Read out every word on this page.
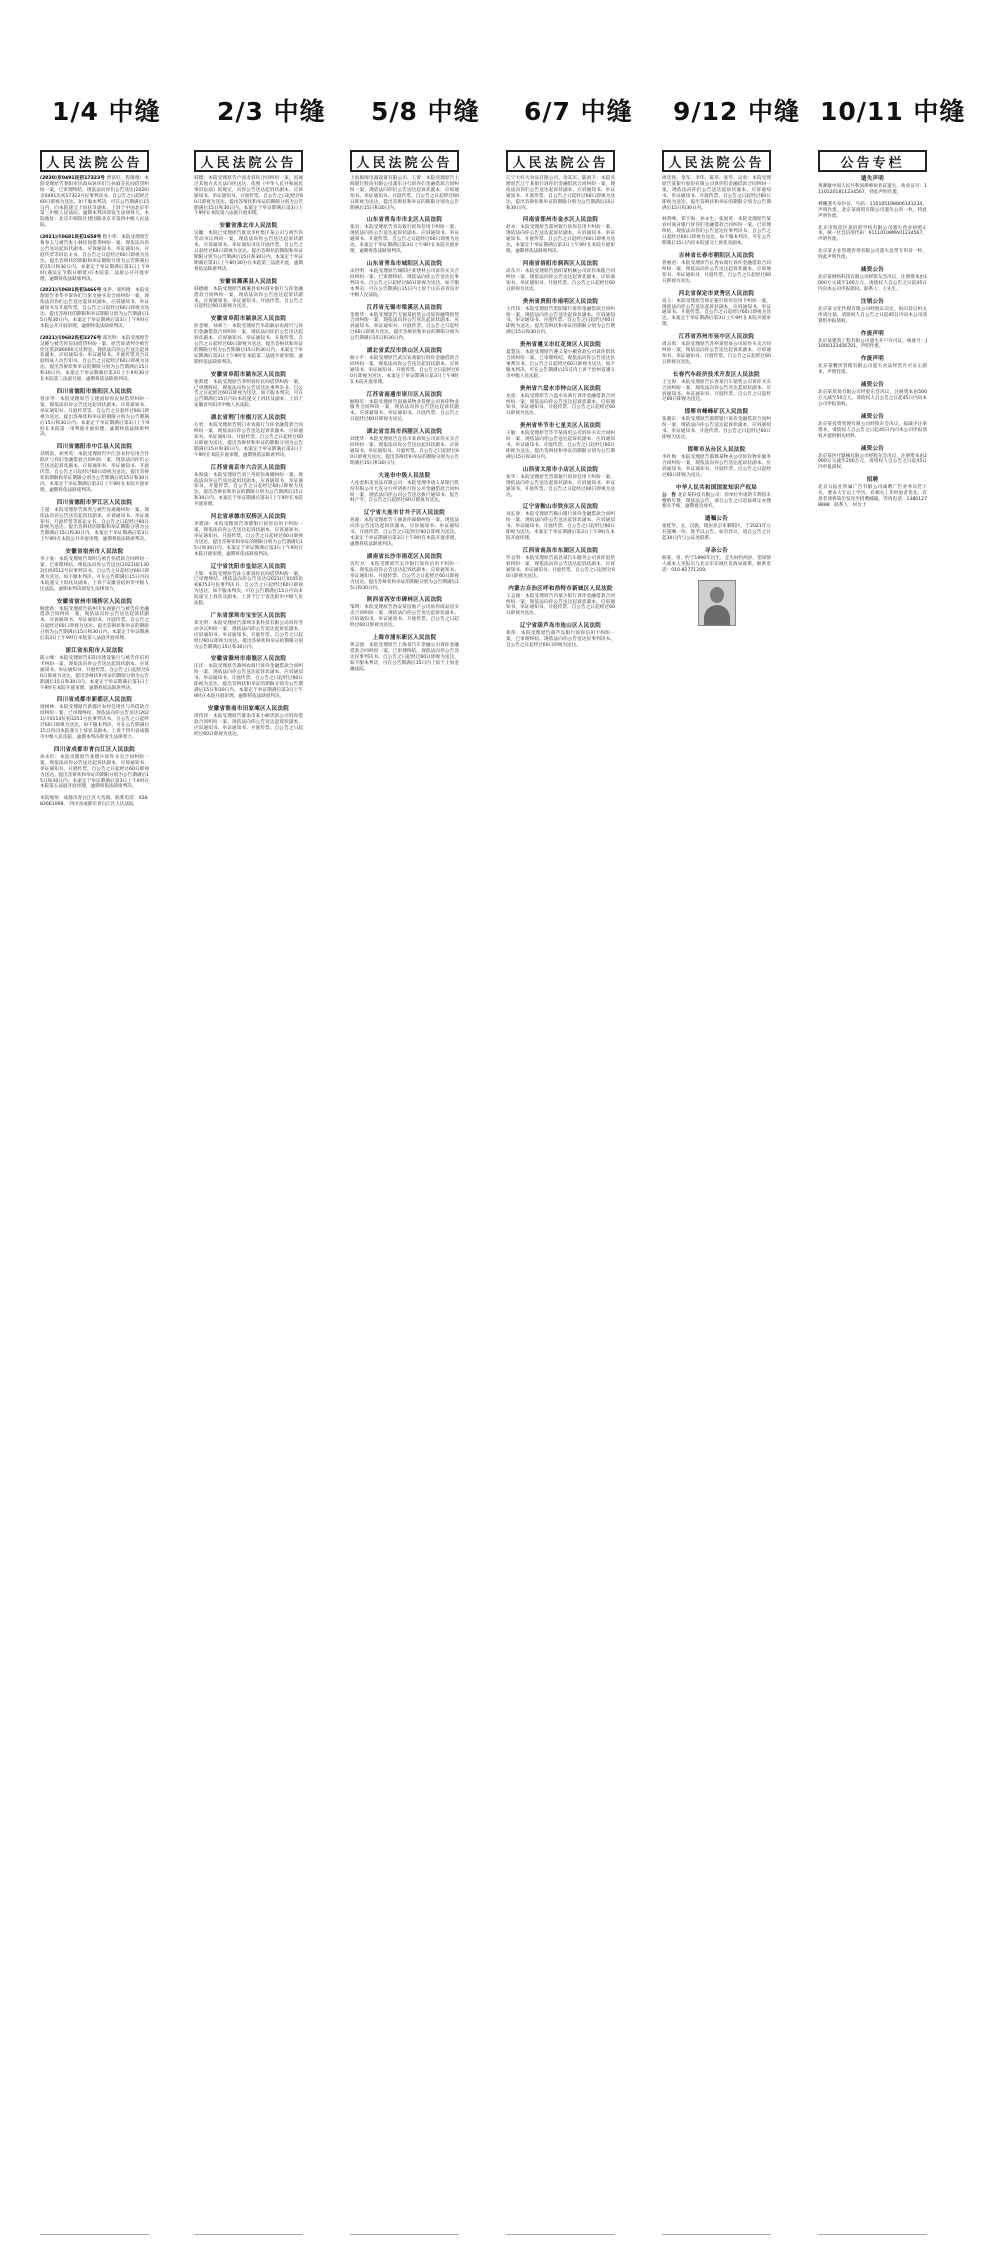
1/4 中缝 2/3 中缝 5/8 中缝 6/7 中缝 9/12 中缝 10/11 中缝
人民法院公告
(2020)京0491民初17323号 贾富旺、程敏德：本院受理原告春阳市民政局诉你们与孙淑芬民间借贷纠纷一案，已审理终结。现依法向你们公告送达(2020)京0491民初17323号民事判决书。自公告之日起经过60日即视为送达。如不服本判决，可在公告期满后15日内，向本院递交上诉状及副本，上诉于中国北京市第三中级人民法院。逾期本判决即发生法律效力。本院地址：北京市朝阳区建国路北京市第四中级人民法院。
(2021)川0681民初1658号 程小伟：本院受理原告鲁春玉与被告张小林民间借贷纠纷一案，现依法向你公告送达起诉状副本、应诉通知书、举证通知书、开庭传票等诉讼文书。自公告之日起经过60日即视为送达。提出答辩状的期限和举证期限分别为公告期满后的15日和30日内。本案定于举证期满后第3日上午9时(遇法定节假日顺延)在本院第二法庭公开开庭审理，逾期将依法缺席判决。
(2021)川0681民初3466号 张洪、张明德：本院受理原告李华平诉你们与张文丽买卖合同纠纷一案，现依法向你们公告送达起诉状副本、应诉通知书、举证通知书及开庭传票。自公告之日起经过60日即视为送达。提出答辩状的期限和举证期限分别为公告期满后15日和30日内。本案定于举证期满后第3日上午9时在本院公开开庭审理。逾期将依法缺席判决。
(2021)川0682民初3276号 郑光明：本院受理原告吴静与被告你民间借贷纠纷一案，原告诉请判令被告偿还借款80000元及利息。现依法向你公告送达起诉状副本、应诉通知书、举证通知书、开庭传票及合议庭组成人员告知书。自公告之日起经过60日即视为送达。提出答辩状和举证的期限分别为公告期满后15日和30日内。本案定于举证期满后第3日上午9时30分在本院第三法庭开庭，逾期将依法缺席判决。
四川省德阳市旌阳区人民法院
曾泽琴：本院受理原告王建国诉你民间借贷纠纷一案，现依法向你公告送达起诉状副本、应诉通知书、举证通知书、开庭传票等。自公告之日起经过60日即视为送达，提出答辩状和举证的期限分别为公告期满后15日和30日内。本案定于举证期满后第3日上午9时在本院第一审判庭开庭审理，逾期将依法缺席判决。
四川省德阳市中江县人民法院
刘明富、胡秀英：本院受理原告中江县农村信用合作联社与你们金融借款合同纠纷一案，现依法向你们公告送达起诉状副本、应诉通知书、举证通知书、开庭传票。自公告之日起经过60日即视为送达。提出答辩状的期限和举证期限分别为公告期满后的15日和30日内。本案定于举证期满后第3日上午9时在本院开庭审理，逾期将依法缺席判决。
四川省德阳市罗江区人民法院
王超：本院受理原告郑英与被告你离婚纠纷一案，现依法向你公告送达起诉状副本、应诉通知书、举证通知书、开庭传票等诉讼文书。自公告之日起经过60日即视为送达。提出答辩状的期限和举证期限分别为公告期满后15日和30日内。本案定于举证期满后第3日上午9时在本院公开开庭审理，逾期将依法缺席判决。
安徽省宿州市人民法院
李子豪：本院受理原告周明与被告你借款合同纠纷一案，已审理终结。现依法向你公告送达(2021)皖1302民初4512号民事判决书。自公告之日起经过60日即视为送达。如不服本判决，可在公告期满后15日内向本院递交上诉状及副本，上诉于安徽省宿州市中级人民法院。逾期本判决即发生法律效力。
安徽省宿州市埇桥区人民法院
顾建新：本院受理原告宿州市农商银行与被告你金融借款合同纠纷一案，现依法向你公告送达起诉状副本、应诉通知书、举证通知书、开庭传票。自公告之日起经过60日即视为送达。提出答辩状和举证的期限分别为公告期满后15日和30日内。本案定于举证期满后第3日上午9时在本院第八法庭开庭审理。
浙江省东阳市人民法院
陈立峰：本院受理原告东阳市建设银行与被告你信用卡纠纷一案，现依法向你公告送达起诉状副本、应诉通知书、举证通知书、开庭传票。自公告之日起经过60日即视为送达。提出答辩状和举证的期限分别为公告期满后15日和30日内。本案定于举证期满后第3日上午9时在本院开庭审理，逾期将依法缺席判决。
四川省成都市新都区人民法院
周树林：本院受理原告新都区农村信用社与你借款合同纠纷一案，已审理终结，现依法向你公告送达(2021)川0114民初3251号民事判决书，自公告之日起经过60日即视为送达。如不服本判决，可在公告期满后15日内向本院递交上诉状及副本，上诉于四川省成都市中级人民法院。逾期本判决即发生法律效力。
四川省成都市青白江区人民法院
孙永红：本院受理原告张德兵诉你买卖合同纠纷一案，现依法向你公告送达起诉状副本、应诉通知书、举证通知书、开庭传票。自公告之日起经过60日即视为送达。提出答辩状和举证的期限分别为公告期满后15日和30日内。本案定于举证期满后第3日上午9时在本院第五法庭开庭审理，逾期将依法缺席判决。
本院地址：成都市青白江区大弯镇。联系电话：028-83661098。 四川省成都市青白江区人民法院
人民法院公告
韩德：本院受理原告卢国龙诉你合同纠纷一案，因通过其他方式无法向你送达，依照《中华人民共和国民事诉讼法》的规定，向你公告送达起诉状副本、应诉通知书、举证通知书、开庭传票。自公告之日起经过60日即视为送达。提出答辩状和举证的期限分别为公告期满后15日和30日内。本案定于举证期满后第3日上午9时在本院第六法庭开庭审理。
安徽省淮北市人民法院
吴鹏：本院已受理原告淮北市杜集区某公司与被告你劳动争议纠纷一案，现依法向你公告送达起诉状副本、应诉通知书、举证通知书及开庭传票。自公告之日起经过60日即视为送达。提出答辩状的期限和举证期限分别为公告期满后15日和30日内。本案定于举证期满后第3日上午8时30分在本院第三法庭开庭，逾期将依法缺席判决。
安徽省濉溪县人民法院
韩德刚：本院受理原告濉溪县农村商业银行与你金融借款合同纠纷一案，现依法向你公告送达起诉状副本、应诉通知书、举证通知书、开庭传票。自公告之日起经过60日即视为送达。
安徽省阜阳市颍泉区人民法院
彭金刚、刘翠兰：本院受理原告阜阳颍泉农商行与你们金融借款合同纠纷一案，现依法向你们公告送达起诉状副本、应诉通知书、举证通知书、开庭传票。自公告之日起经过60日即视为送达。提出答辩状和举证的期限分别为公告期满后15日和30日内。本案定于举证期满后第3日上午9时在本院第二法庭开庭审理，逾期将依法缺席判决。
安徽省阜阳市颍东区人民法院
张新建：本院受理原告李明诉你民间借贷纠纷一案，已审理终结。现依法向你公告送达民事判决书。自公告之日起经过60日即视为送达。如不服本判决，可在公告期满后15日内向本院递交上诉状及副本，上诉于安徽省阜阳市中级人民法院。
湖北省荆门市掇刀区人民法院
万勇：本院受理原告荆门市农商行与你金融借款合同纠纷一案，现依法向你公告送达起诉状副本、应诉通知书、举证通知书、开庭传票。自公告之日起经过60日即视为送达。提出答辩状和举证的期限分别为公告期满后15日和30日内。本案定于举证期满后第3日上午9时在本院开庭审理，逾期将依法缺席判决。
江苏省南京市六合区人民法院
朱海波：本院受理原告刘兰英诉你离婚纠纷一案，现依法向你公告送达起诉状副本、应诉通知书、举证通知书、开庭传票。自公告之日起经过60日即视为送达。提出答辩状和举证的期限分别为公告期满后15日和30日内。本案定于举证期满后第3日上午9时在本院开庭审理。
河北省承德市双桥区人民法院
李建国：本院受理原告承德银行诉你信用卡纠纷一案，现依法向你公告送达起诉状副本、应诉通知书、举证通知书、开庭传票。自公告之日起经过60日即视为送达。提出答辩状和举证的期限分别为公告期满后15日和30日内。本案定于举证期满后第3日上午9时在本院开庭审理，逾期将依法缺席判决。
辽宁省沈阳市皇姑区人民法院
王辉：本院受理原告孙立新诉你民间借贷纠纷一案，已审理终结。现依法向你公告送达(2021)辽0105民初8753号民事判决书。自公告之日起经过60日即视为送达。如不服本判决，可在公告期满后15日内向本院递交上诉状及副本，上诉于辽宁省沈阳市中级人民法院。
广东省深圳市宝安区人民法院
邓光明：本院受理原告深圳市某科技有限公司诉你劳动争议纠纷一案，现依法向你公告送达起诉状副本、应诉通知书、举证通知书、开庭传票。自公告之日起经过60日即视为送达。提出答辩状和举证的期限分别为公告期满后15日和30日内。
安徽省滁州市南谯区人民法院
汪洋：本院受理原告滁州农商行诉你金融借款合同纠纷一案，现依法向你公告送达起诉状副本、应诉通知书、举证通知书、开庭传票。自公告之日起经过60日即视为送达。提出答辩状和举证的期限分别为公告期满后15日和30日内。本案定于举证期满后第3日上午9时在本院开庭审理，逾期将依法缺席判决。
安徽省淮南市田家庵区人民法院
周传伟：本院受理原告淮南市某小额贷款公司诉你借款合同纠纷一案，现依法向你公告送达起诉状副本、应诉通知书、举证通知书、开庭传票。自公告之日起经过60日即视为送达。
人民法院公告
上海闽海电器设备有限公司、王蕾：本院受理原告上海银行股份有限公司浦东分行诉你们金融借款合同纠纷一案，现依法向你们公告送达起诉状副本、应诉通知书、举证通知书、开庭传票。自公告之日起经过60日即视为送达。提出答辩状和举证的期限分别为公告期满后15日和30日内。
山东省青岛市市北区人民法院
张岩：本院受理原告青岛银行诉你信用卡纠纷一案，现依法向你公告送达起诉状副本、应诉通知书、举证通知书、开庭传票。自公告之日起经过60日即视为送达。本案定于举证期满后第3日上午9时在本院开庭审理，逾期将依法缺席判决。
山东省青岛市城阳区人民法院
宋世明：本院受理原告城阳区某建材公司诉你买卖合同纠纷一案，已审理终结。现依法向你公告送达民事判决书。自公告之日起经过60日即视为送达。如不服本判决，可在公告期满后15日内上诉于山东省青岛市中级人民法院。
江苏省无锡市梁溪区人民法院
金新华：本院受理原告无锡某租赁公司诉你融资租赁合同纠纷一案，现依法向你公告送达起诉状副本、应诉通知书、举证通知书、开庭传票。自公告之日起经过60日即视为送达。提出答辩状和举证的期限分别为公告期满后15日和30日内。
湖北省武汉市洪山区人民法院
杨小平：本院受理原告武汉农商银行诉你金融借款合同纠纷一案，现依法向你公告送达起诉状副本、应诉通知书、举证通知书、开庭传票。自公告之日起经过60日即视为送达。本案定于举证期满后第3日上午9时在本院开庭审理。
江苏省南通市崇川区人民法院
顾海军：本院受理原告南通某物业管理公司诉你物业服务合同纠纷一案，现依法向你公告送达起诉状副本、应诉通知书、举证通知书、开庭传票。自公告之日起经过60日即视为送达。
湖北省宜昌市西陵区人民法院
刘建华：本院受理原告宜昌市某商贸公司诉你买卖合同纠纷一案，现依法向你公告送达起诉状副本、应诉通知书、举证通知书、开庭传票。自公告之日起经过60日即视为送达。提出答辩状和举证的期限分别为公告期满后15日和30日内。
大连市中级人民法院
大连金和美食品有限公司：本院受理申请人某银行股份有限公司大连分行申请执行你公司金融借款合同纠纷一案，现依法向你公司公告送达执行通知书、报告财产令。自公告之日起经过60日即视为送达。
辽宁省大连市甘井子区人民法院
孙波：本院受理原告王丽诉你离婚纠纷一案，现依法向你公告送达起诉状副本、应诉通知书、举证通知书、开庭传票。自公告之日起经过60日即视为送达。本案定于举证期满后第3日上午9时在本院开庭审理，逾期将依法缺席判决。
湖南省长沙市雨花区人民法院
肖红兵：本院受理原告长沙银行诉你信用卡纠纷一案，现依法向你公告送达起诉状副本、应诉通知书、举证通知书、开庭传票。自公告之日起经过60日即视为送达。提出答辩状和举证的期限分别为公告期满后15日和30日内。
陕西省西安市碑林区人民法院
邹明：本院受理原告西安某房地产公司诉你商品房买卖合同纠纷一案，现依法向你公告送达起诉状副本、应诉通知书、举证通知书、开庭传票。自公告之日起经过60日即视为送达。
上海市浦东新区人民法院
黄志强：本院受理原告上海某汽车金融公司诉你金融借款合同纠纷一案，已审理终结。现依法向你公告送达民事判决书。自公告之日起经过60日即视为送达。如不服本判决，可在公告期满后15日内上诉于上海金融法院。
人民法院公告
辽宁大好大食品有限公司、余其军、陈国卫：本院受理原告辽宁某银行诉你们金融借款合同纠纷一案，现依法向你们公告送达起诉状副本、应诉通知书、举证通知书、开庭传票。自公告之日起经过60日即视为送达。提出答辩状和举证的期限分别为公告期满后15日和30日内。
河南省郑州市金水区人民法院
赵永：本院受理原告郑州银行诉你信用卡纠纷一案，现依法向你公告送达起诉状副本、应诉通知书、举证通知书、开庭传票。自公告之日起经过60日即视为送达。本案定于举证期满后第3日上午9时在本院开庭审理，逾期将依法缺席判决。
河南省洛阳市涧西区人民法院
高东兴：本院受理原告洛阳某机械公司诉你承揽合同纠纷一案，现依法向你公告送达起诉状副本、应诉通知书、举证通知书、开庭传票。自公告之日起经过60日即视为送达。
贵州省贵阳市南明区人民法院
王代伟：本院受理原告贵阳银行诉你金融借款合同纠纷一案，现依法向你公告送达起诉状副本、应诉通知书、举证通知书、开庭传票。自公告之日起经过60日即视为送达。提出答辩状和举证的期限分别为公告期满后15日和30日内。
贵州省遵义市红花岗区人民法院
夏慧良：本院受理原告遵义某小额贷款公司诉你借款合同纠纷一案，已审理终结。现依法向你公告送达民事判决书。自公告之日起经过60日即视为送达。如不服本判决，可在公告期满后15日内上诉于贵州省遵义市中级人民法院。
贵州省六盘水市钟山区人民法院
龙虎：本院受理原告六盘水农商行诉你金融借款合同纠纷一案，现依法向你公告送达起诉状副本、应诉通知书、举证通知书、开庭传票。自公告之日起经过60日即视为送达。
贵州省毕节市七星关区人民法院
王敏：本院受理原告毕节某商贸公司诉你买卖合同纠纷一案，现依法向你公告送达起诉状副本、应诉通知书、举证通知书、开庭传票。自公告之日起经过60日即视为送达。提出答辩状和举证的期限分别为公告期满后15日和30日内。
山西省太原市小店区人民法院
张华：本院受理原告晋商银行诉你信用卡纠纷一案，现依法向你公告送达起诉状副本、应诉通知书、举证通知书、开庭传票。自公告之日起经过60日即视为送达。
辽宁省鞍山市铁东区人民法院
刘长春：本院受理原告鞍山银行诉你金融借款合同纠纷一案，现依法向你公告送达起诉状副本、应诉通知书、举证通知书、开庭传票。自公告之日起经过60日即视为送达。本案定于举证期满后第3日上午9时在本院开庭审理。
江西省南昌市东湖区人民法院
罗志明：本院受理原告南昌某汽车服务公司诉你追偿权纠纷一案，现依法向你公告送达起诉状副本、应诉通知书、举证通知书、开庭传票。自公告之日起经过60日即视为送达。
内蒙古自治区呼和浩特市新城区人民法院
王志强：本院受理原告内蒙古银行诉你金融借款合同纠纷一案，现依法向你公告送达起诉状副本、应诉通知书、举证通知书、开庭传票。自公告之日起经过60日即视为送达。
辽宁省葫芦岛市连山区人民法院
郑伟：本院受理原告葫芦岛银行诉你信用卡纠纷一案，已审理终结。现依法向你公告送达民事判决书。自公告之日起经过60日即视为送达。
人民法院公告
周廷扬、金军、李伟、陈华、张华、吴勇：本院受理原告某银行股份有限公司诉你们金融借款合同纠纷一案，现依法向你们公告送达起诉状副本、应诉通知书、举证通知书、开庭传票。自公告之日起经过60日即视为送达。提出答辩状和举证的期限分别为公告期满后15日和30日内。
林剑峰、邓宇海、孙永生、张国英：本院受理原告某农村商业银行诉你们金融借款合同纠纷一案，已审理终结，现依法向你们公告送达民事判决书。自公告之日起经过60日即视为送达。如不服本判决，可在公告期满后15日内向本院递交上诉状及副本。
吉林省长春市朝阳区人民法院
管丽君：本院受理原告长春农商行诉你金融借款合同纠纷一案，现依法向你公告送达起诉状副本、应诉通知书、举证通知书、开庭传票。自公告之日起经过60日即视为送达。
河北省保定市竞秀区人民法院
高玉：本院受理原告保定银行诉你信用卡纠纷一案，现依法向你公告送达起诉状副本、应诉通知书、举证通知书、开庭传票。自公告之日起经过60日即视为送达。本案定于举证期满后第3日上午9时在本院开庭审理。
江苏省苏州市吴中区人民法院
周志勇：本院受理原告苏州某贸易公司诉你买卖合同纠纷一案，现依法向你公告送达起诉状副本、应诉通知书、举证通知书、开庭传票。自公告之日起经过60日即视为送达。
长春汽车经济技术开发区人民法院
王宝海：本院受理原告长春某汽车销售公司诉你买卖合同纠纷一案，现依法向你公告送达起诉状副本、应诉通知书、举证通知书、开庭传票。自公告之日起经过60日即视为送达。
邯郸市峰峰矿区人民法院
张晓东：本院受理原告邯郸银行诉你金融借款合同纠纷一案，现依法向你公告送达起诉状副本、应诉通知书、举证通知书、开庭传票。自公告之日起经过60日即视为送达。
邯郸市丛台区人民法院
李红梅：本院受理原告邯郸某物业公司诉你物业服务合同纠纷一案，现依法向你公告送达起诉状副本、应诉通知书、举证通知书、开庭传票。自公告之日起经过60日即视为送达。
中华人民共和国国家知识产权局
公　告 北京某科技有限公司：你单位申请的专利因未缴纳年费，现依法公告，请自公告之日起按规定办理相关手续，逾期视为放弃。
遗嘱公告
张桂华，女，汉族，现居北京市朝阳区，于2021年立有遗嘱一份，现予以公告。如有异议，请自公告之日起30日内与公证处联系。
寻亲公告
杨某，男，约于1990年出生，走失时约两岁，望知情人或本人见报后与北京市东城区民政局联系。联系电话：010-82771209。
公告专栏
遗失声明
黄赛敏中国人民共和国律师执业证遗失，执业证号：11101201811234567，特此声明作废。
林鹏遗失身份证，号码：110105198806141234，声明作废。北京某商贸有限公司遗失公章一枚，特此声明作废。
北京市海淀区某培训学校有限公司遗失营业执照正本，统一社会信用代码：91110108MA01234567，声明作废。
北京某企业管理咨询有限公司遗失发票专用章一枚，特此声明作废。
减资公告
北京某网络科技有限公司经股东会决议，注册资本由1000万元减至100万元，请债权人自公告之日起45日内向本公司申报债权。联系人：王先生。
注销公告
北京某文化传媒有限公司经股东决定，拟向登记机关申请注销，请债权人自公告之日起45日内向本公司清算组申报债权。
作废声明
北京某建筑工程有限公司遗失开户许可证，核准号：J1000123456701，声明作废。
作废声明
北京某餐饮管理有限公司遗失食品经营许可证正副本，声明作废。
减资公告
北京某贸易有限公司经股东会决议，注册资本由500万元减至50万元，请债权人自公告之日起45日内向本公司申报债权。
减资公告
北京某投资管理有限公司经股东会决议，拟减少注册资本，请债权人自公告之日起45日内向本公司申报债权并提供相关材料。
减资公告
北京某医疗器械有限公司经股东会决议，注册资本由2000万元减至200万元，请债权人自公告之日起45日内申报债权。
招聘
北京日报社所属广告有限公司诚聘广告业务员若干名，要求大专以上学历，有相关工作经验者优先。有意者请将简历发送至招聘邮箱。咨询电话：13801278888　联系人：何女士
